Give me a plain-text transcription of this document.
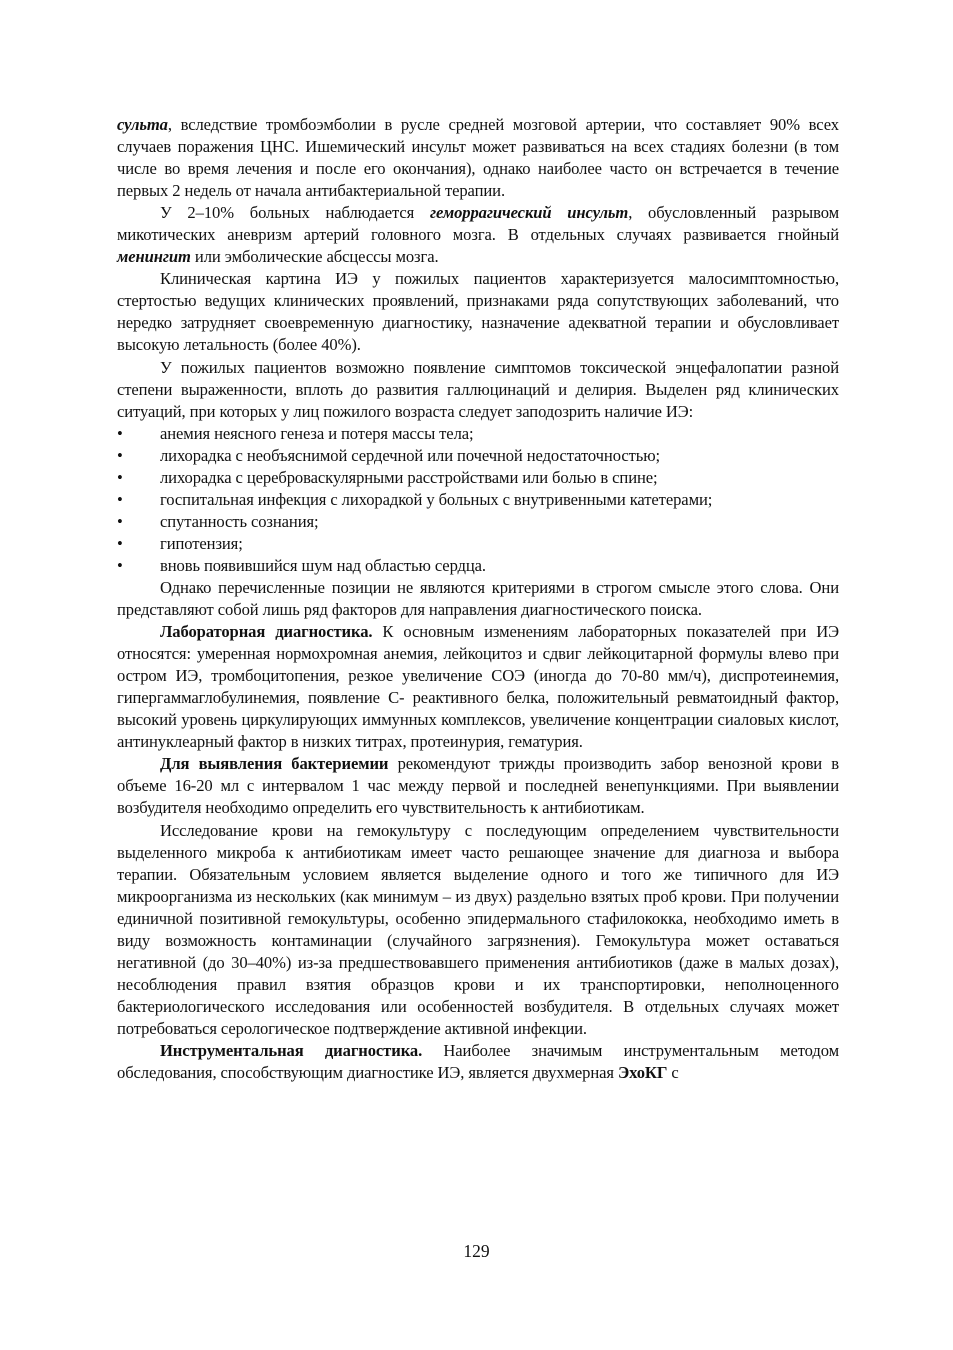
сульта, вследствие тромбоэмболии в русле средней мозговой артерии, что составляет 90% всех случаев поражения ЦНС. Ишемический инсульт может развиваться на всех стадиях болезни (в том числе во время лечения и после его окончания), однако наиболее часто он встречается в течение первых 2 недель от начала антибактериальной терапии.

У 2–10% больных наблюдается геморрагический инсульт, обусловленный разрывом микотических аневризм артерий головного мозга. В отдельных случаях развивается гнойный менингит или эмболические абсцессы мозга.

Клиническая картина ИЭ у пожилых пациентов характеризуется малосимптомностью, стертостью ведущих клинических проявлений, признаками ряда сопутствующих заболеваний, что нередко затрудняет своевременную диагностику, назначение адекватной терапии и обусловливает высокую летальность (более 40%).

У пожилых пациентов возможно появление симптомов токсической энцефалопатии разной степени выраженности, вплоть до развития галлюцинаций и делирия. Выделен ряд клинических ситуаций, при которых у лиц пожилого возраста следует заподозрить наличие ИЭ:

• анемия неясного генеза и потеря массы тела;
• лихорадка с необъяснимой сердечной или почечной недостаточностью;
• лихорадка с цереброваскулярными расстройствами или болью в спине;
• госпитальная инфекция с лихорадкой у больных с внутривенными катетерами;
• спутанность сознания;
• гипотензия;
• вновь появившийся шум над областью сердца.

Однако перечисленные позиции не являются критериями в строгом смысле этого слова. Они представляют собой лишь ряд факторов для направления диагностического поиска.

Лабораторная диагностика. К основным изменениям лабораторных показателей при ИЭ относятся: умеренная нормохромная анемия, лейкоцитоз и сдвиг лейкоцитарной формулы влево при остром ИЭ, тромбоцитопения, резкое увеличение СОЭ (иногда до 70-80 мм/ч), диспротеинемия, гипергаммаглобулинемия, появление С- реактивного белка, положительный ревматоидный фактор, высокий уровень циркулирующих иммунных комплексов, увеличение концентрации сиаловых кислот, антинуклеарный фактор в низких титрах, протеинурия, гематурия.

Для выявления бактериемии рекомендуют трижды производить забор венозной крови в объеме 16-20 мл с интервалом 1 час между первой и последней венепункциями. При выявлении возбудителя необходимо определить его чувствительность к антибиотикам.

Исследование крови на гемокультуру с последующим определением чувствительности выделенного микроба к антибиотикам имеет часто решающее значение для диагноза и выбора терапии. Обязательным условием является выделение одного и того же типичного для ИЭ микроорганизма из нескольких (как минимум – из двух) раздельно взятых проб крови. При получении единичной позитивной гемокультуры, особенно эпидермального стафилококка, необходимо иметь в виду возможность контаминации (случайного загрязнения). Гемокультура может оставаться негативной (до 30–40%) из-за предшествовавшего применения антибиотиков (даже в малых дозах), несоблюдения правил взятия образцов крови и их транспортировки, неполноценного бактериологического исследования или особенностей возбудителя. В отдельных случаях может потребоваться серологическое подтверждение активной инфекции.

Инструментальная диагностика. Наиболее значимым инструментальным методом обследования, способствующим диагностике ИЭ, является двухмерная ЭхоКГ с

129
